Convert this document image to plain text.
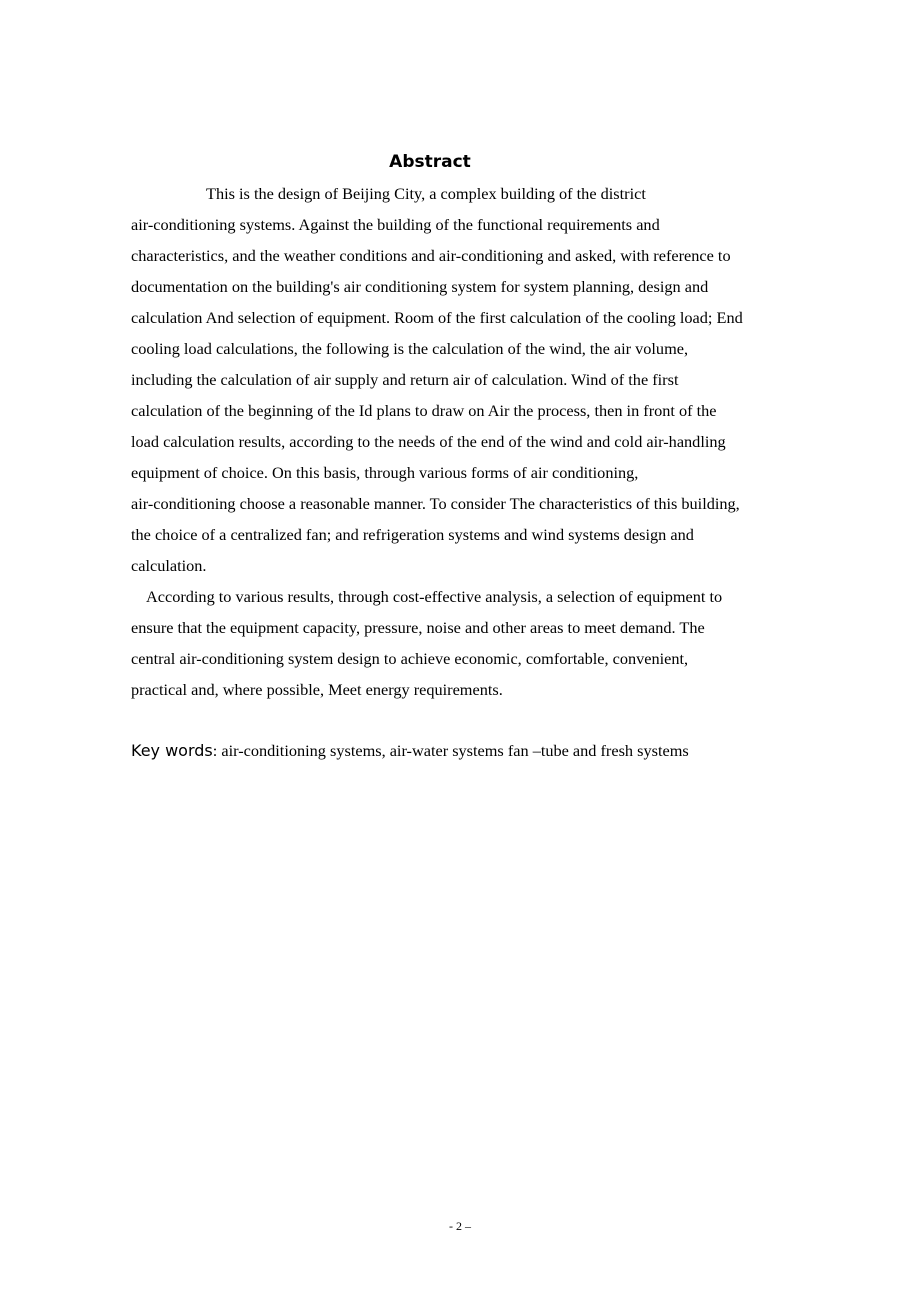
Abstract
This is the design of Beijing City, a complex building of the district
air-conditioning systems. Against the building of the functional requirements and
characteristics, and the weather conditions and air-conditioning and asked, with reference to
documentation on the building's air conditioning system for system planning, design and
calculation And selection of equipment. Room of the first calculation of the cooling load; End
cooling load calculations, the following is the calculation of the wind, the air volume,
including the calculation of air supply and return air of calculation. Wind of the first
calculation of the beginning of the Id plans to draw on Air the process, then in front of the
load calculation results, according to the needs of the end of the wind and cold air-handling
equipment of choice. On this basis, through various forms of air conditioning,
air-conditioning choose a reasonable manner. To consider The characteristics of this building,
the choice of a centralized fan; and refrigeration systems and wind systems design and
calculation.
According to various results, through cost-effective analysis, a selection of equipment to
ensure that the equipment capacity, pressure, noise and other areas to meet demand. The
central air-conditioning system design to achieve economic, comfortable, convenient,
practical and, where possible, Meet energy requirements.
Key words: air-conditioning systems, air-water systems fan –tube and fresh systems
- 2 –
